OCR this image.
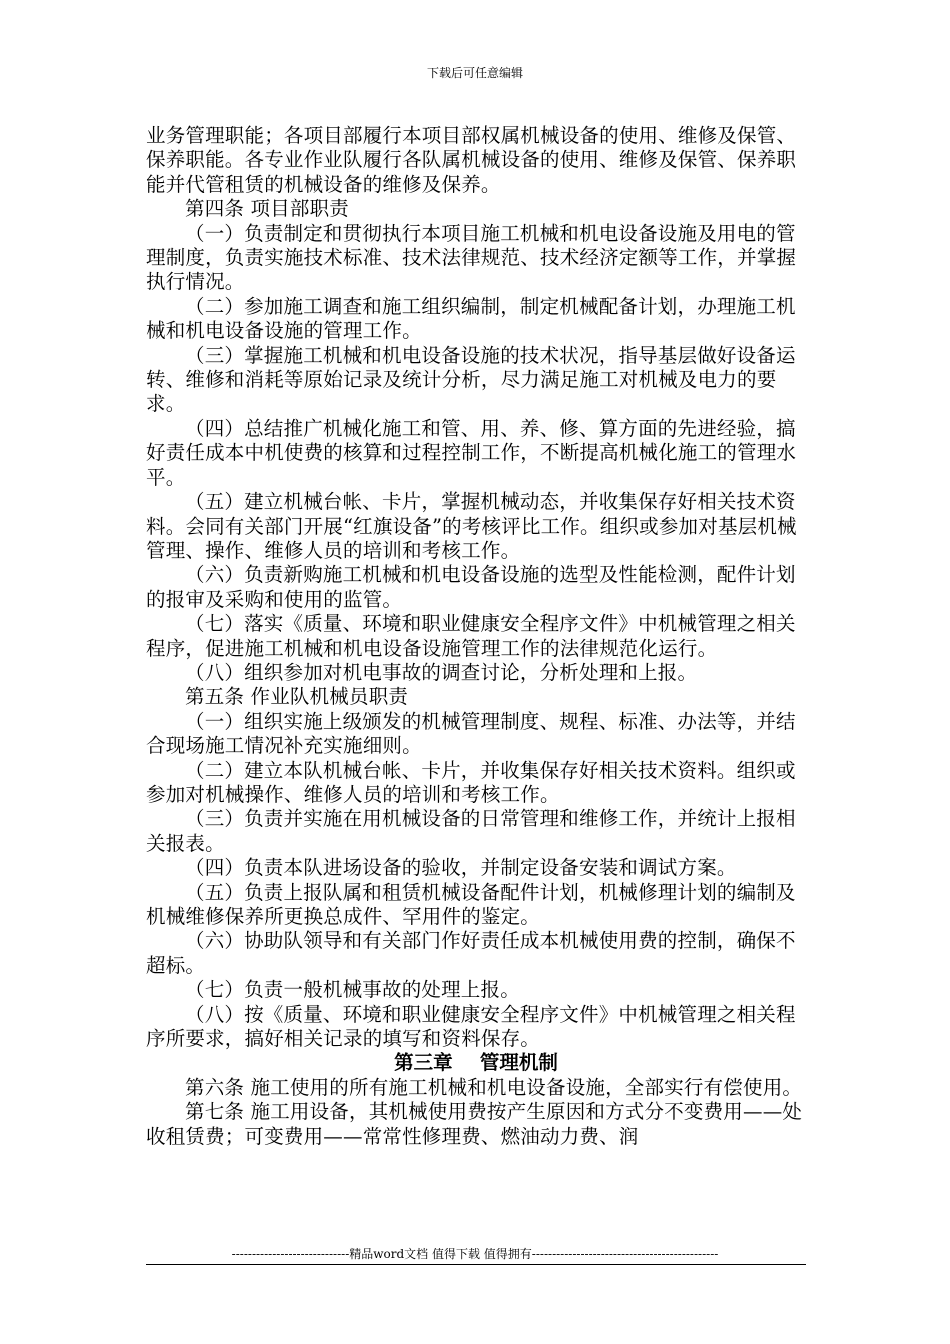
下载后可任意编辑

业务管理职能；各项目部履行本项目部权属机械设备的使用、维修及保管、保养职能。各专业作业队履行各队属机械设备的使用、维修及保管、保养职能并代管租赁的机械设备的维修及保养。

第四条 项目部职责

（一）负责制定和贯彻执行本项目施工机械和机电设备设施及用电的管理制度，负责实施技术标准、技术法律规范、技术经济定额等工作，并掌握执行情况。

（二）参加施工调查和施工组织编制，制定机械配备计划，办理施工机械和机电设备设施的管理工作。

（三）掌握施工机械和机电设备设施的技术状况，指导基层做好设备运转、维修和消耗等原始记录及统计分析，尽力满足施工对机械及电力的要求。

（四）总结推广机械化施工和管、用、养、修、算方面的先进经验，搞好责任成本中机使费的核算和过程控制工作，不断提高机械化施工的管理水平。

（五）建立机械台帐、卡片，掌握机械动态，并收集保存好相关技术资料。会同有关部门开展“红旗设备”的考核评比工作。组织或参加对基层机械管理、操作、维修人员的培训和考核工作。

（六）负责新购施工机械和机电设备设施的选型及性能检测，配件计划的报审及采购和使用的监管。

（七）落实《质量、环境和职业健康安全程序文件》中机械管理之相关程序，促进施工机械和机电设备设施管理工作的法律规范化运行。

（八）组织参加对机电事故的调查讨论，分析处理和上报。

第五条 作业队机械员职责

（一）组织实施上级颁发的机械管理制度、规程、标准、办法等，并结合现场施工情况补充实施细则。

（二）建立本队机械台帐、卡片，并收集保存好相关技术资料。组织或参加对机械操作、维修人员的培训和考核工作。

（三）负责并实施在用机械设备的日常管理和维修工作，并统计上报相关报表。

（四）负责本队进场设备的验收，并制定设备安装和调试方案。

（五）负责上报队属和租赁机械设备配件计划，机械修理计划的编制及机械维修保养所更换总成件、罕用件的鉴定。

（六）协助队领导和有关部门作好责任成本机械使用费的控制，确保不超标。

（七）负责一般机械事故的处理上报。

（八）按《质量、环境和职业健康安全程序文件》中机械管理之相关程序所要求，搞好相关记录的填写和资料保存。

第三章    管理机制

第六条 施工使用的所有施工机械和机电设备设施，全部实行有偿使用。

第七条 施工用设备，其机械使用费按产生原因和方式分不变费用——处收租赁费；可变费用——常常性修理费、燃油动力费、润

-----------------------------精品word文档 值得下载 值得拥有----------------------------------------------
